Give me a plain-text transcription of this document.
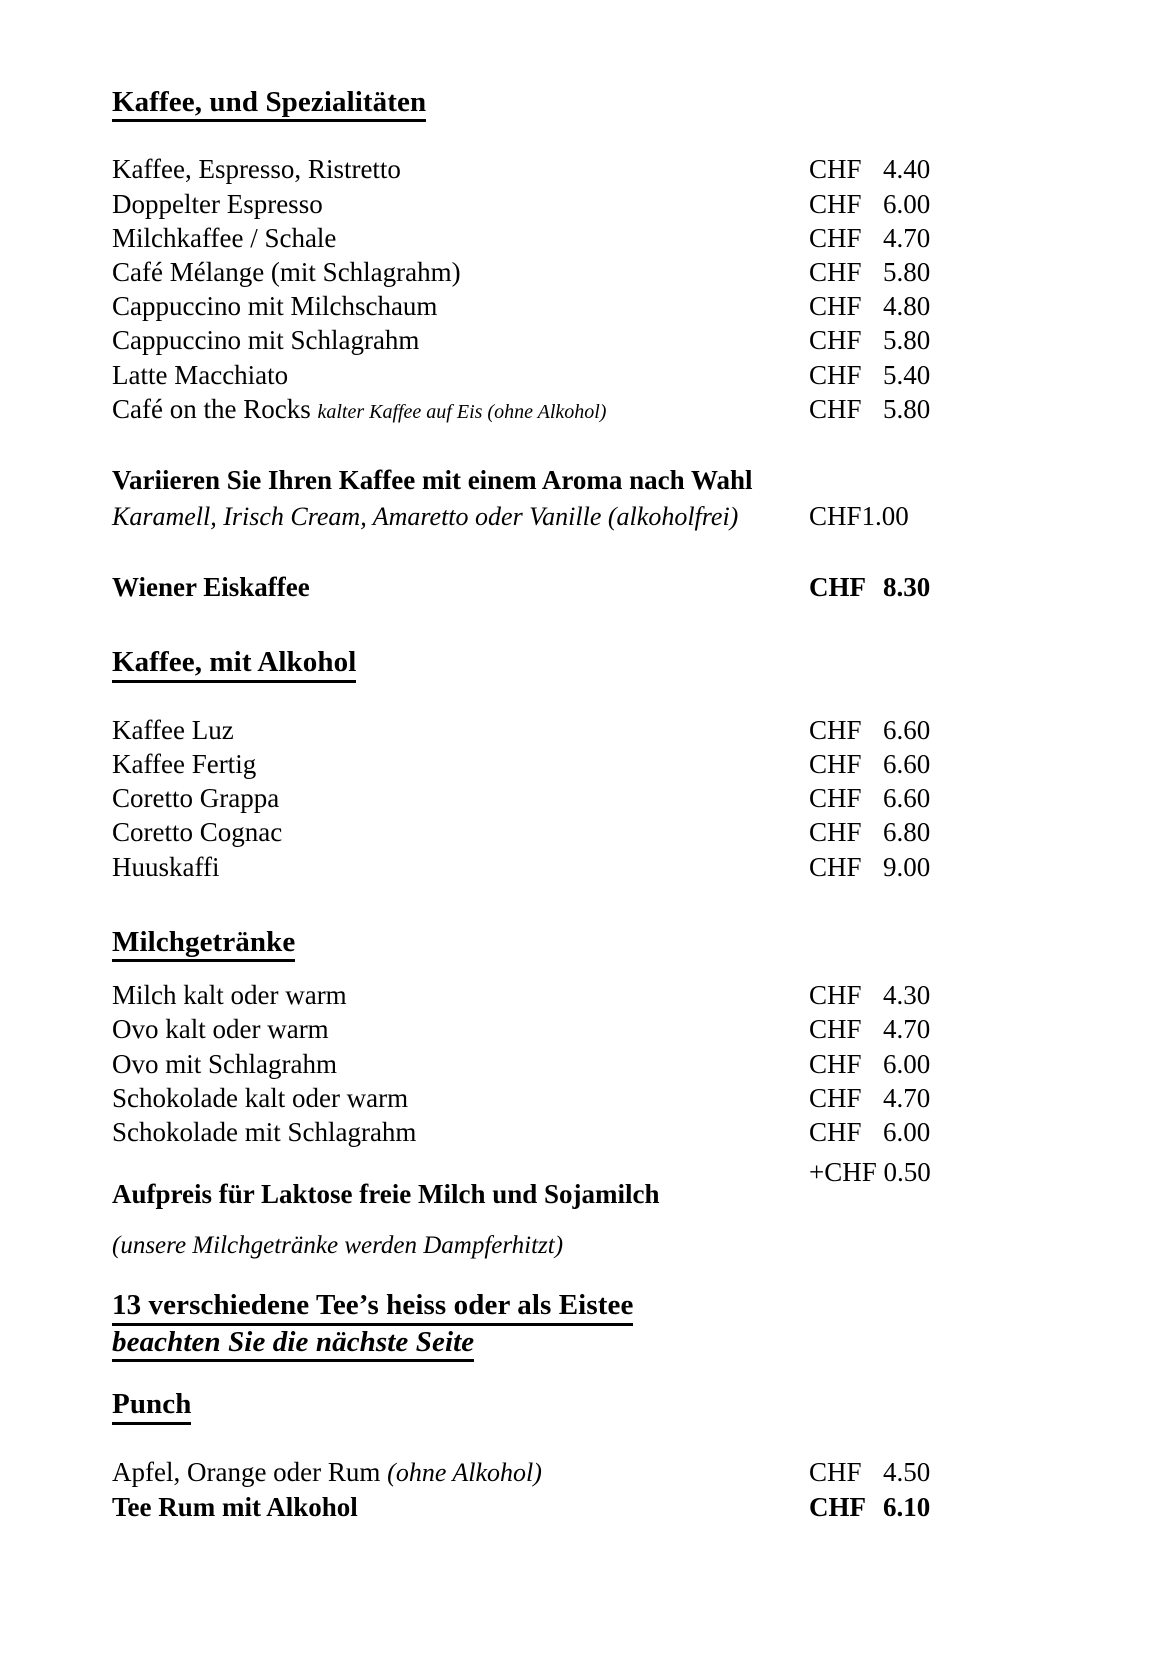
Kaffee, und Spezialitäten
Kaffee, Espresso, Ristretto	CHF 4.40
Doppelter Espresso	CHF 6.00
Milchkaffee / Schale	CHF 4.70
Café Mélange (mit Schlagrahm)	CHF 5.80
Cappuccino mit Milchschaum	CHF 4.80
Cappuccino mit Schlagrahm	CHF 5.80
Latte Macchiato	CHF 5.40
Café on the Rocks kalter Kaffee auf Eis (ohne Alkohol)	CHF 5.80
Variieren Sie Ihren Kaffee mit einem Aroma nach Wahl
Karamell, Irisch Cream, Amaretto oder Vanille (alkoholfrei)	CHF 1.00
Wiener Eiskaffee	CHF 8.30
Kaffee, mit Alkohol
Kaffee Luz	CHF 6.60
Kaffee Fertig	CHF 6.60
Coretto Grappa	CHF 6.60
Coretto Cognac	CHF 6.80
Huuskaffi	CHF 9.00
Milchgetränke
Milch kalt oder warm	CHF 4.30
Ovo kalt oder warm	CHF 4.70
Ovo mit Schlagrahm	CHF 6.00
Schokolade kalt oder warm	CHF 4.70
Schokolade mit Schlagrahm	CHF 6.00
Aufpreis für Laktose freie Milch und Sojamilch
+CHF 0.50
(unsere Milchgetränke werden Dampferhitzt)
13 verschiedene Tee’s heiss oder als Eistee
beachten Sie die nächste Seite
Punch
Apfel, Orange oder Rum (ohne Alkohol)	CHF 4.50
Tee Rum mit Alkohol	CHF 6.10
